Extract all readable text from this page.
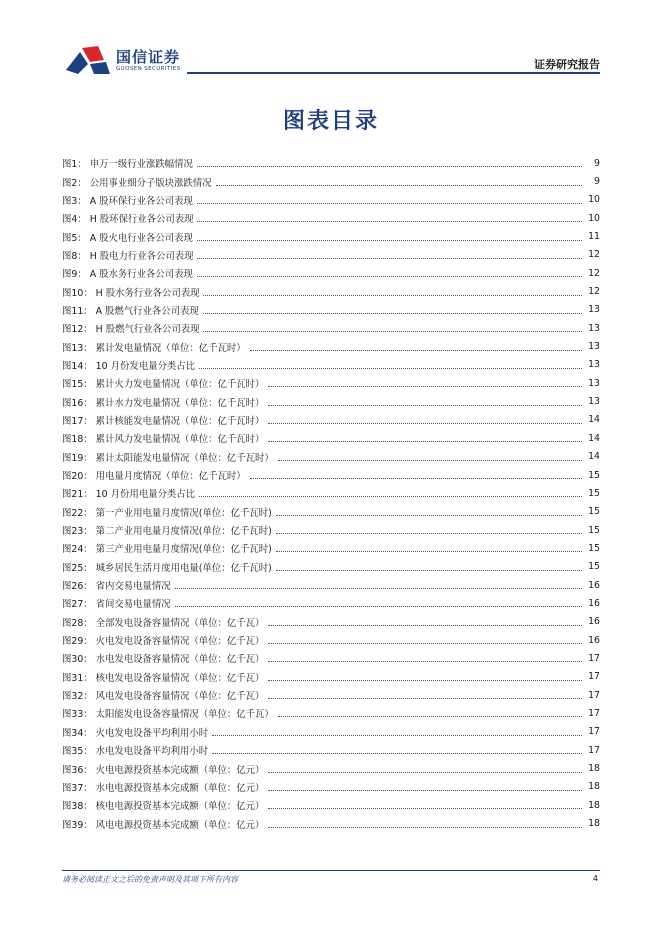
国信证券
GUOSEN SECURITIES	证券研究报告
图表目录
图1： 申万一级行业涨跌幅情况	9
图2： 公用事业细分子版块涨跌情况	9
图3： A 股环保行业各公司表现	10
图4： H 股环保行业各公司表现	10
图5： A 股火电行业各公司表现	11
图8： H 股电力行业各公司表现	12
图9： A 股水务行业各公司表现	12
图10： H 股水务行业各公司表现	12
图11： A 股燃气行业各公司表现	13
图12： H 股燃气行业各公司表现	13
图13： 累计发电量情况（单位：亿千瓦时）	13
图14： 10 月份发电量分类占比	13
图15： 累计火力发电量情况（单位：亿千瓦时）	13
图16： 累计水力发电量情况（单位：亿千瓦时）	13
图17： 累计核能发电量情况（单位：亿千瓦时）	14
图18： 累计风力发电量情况（单位：亿千瓦时）	14
图19： 累计太阳能发电量情况（单位：亿千瓦时）	14
图20： 用电量月度情况（单位：亿千瓦时）	15
图21： 10 月份用电量分类占比	15
图22： 第一产业用电量月度情况(单位：亿千瓦时)	15
图23： 第二产业用电量月度情况(单位：亿千瓦时)	15
图24： 第三产业用电量月度情况(单位：亿千瓦时)	15
图25： 城乡居民生活月度用电量(单位：亿千瓦时)	15
图26： 省内交易电量情况	16
图27： 省间交易电量情况	16
图28： 全部发电设备容量情况（单位：亿千瓦）	16
图29： 火电发电设备容量情况（单位：亿千瓦）	16
图30： 水电发电设备容量情况（单位：亿千瓦）	17
图31： 核电发电设备容量情况（单位：亿千瓦）	17
图32： 风电发电设备容量情况（单位：亿千瓦）	17
图33： 太阳能发电设备容量情况（单位：亿千瓦）	17
图34： 火电发电设备平均利用小时	17
图35： 水电发电设备平均利用小时	17
图36： 火电电源投资基本完成额（单位：亿元）	18
图37： 水电电源投资基本完成额（单位：亿元）	18
图38： 核电电源投资基本完成额（单位：亿元）	18
图39： 风电电源投资基本完成额（单位：亿元）	18
请务必阅读正文之后的免责声明及其项下所有内容	4
